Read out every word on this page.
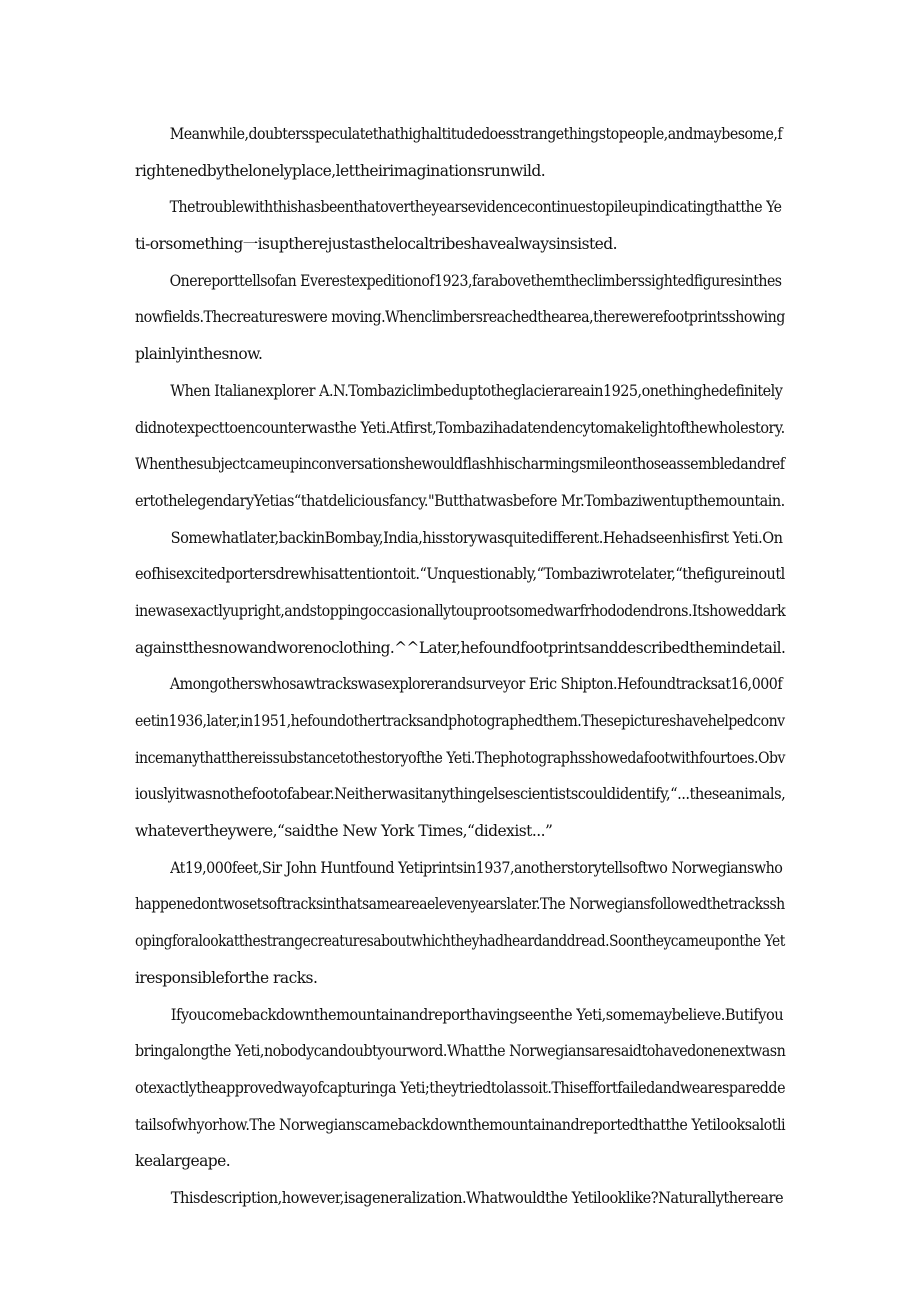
Meanwhile,doubtersspeculatethathighaltitudedoesstrangethingstopeople,andmaybesome,f
rightenedbythelonelyplace,lettheirimaginationsrunwild.
Thetroublewiththishasbeenthatovertheyearsevidencecontinuestopileupindicatingthatthe Ye
ti-orsomething一isuptherejustasthelocaltribeshavealwaysinsisted.
Onereporttellsofan Everestexpeditionof1923,farabovethemtheclimberssightedfiguresinthes
nowfields.Thecreatureswere moving.Whenclimbersreachedthearea,therewerefootprintsshowing
plainlyinthesnow.
When Italianexplorer A.N.Tombaziclimbeduptotheglacierareain1925,onethinghedefinitely
didnotexpecttoencounterwasthe Yeti.Atfirst,Tombazihadatendencytomakelightofthewholestory.
Whenthesubjectcameupinconversationshewouldflashhischarmingsmileonthoseassembledandref
ertothelegendaryYetias“thatdeliciousfancy."Butthatwasbefore Mr.Tombaziwentupthemountain.
Somewhatlater,backinBombay,India,hisstorywasquitedifferent.Hehadseenhisfirst Yeti.On
eofhisexcitedportersdrewhisattentiontoit.“Unquestionably,“Tombaziwrotelater,“thefigureinoutl
inewasexactlyupright,andstoppingoccasionallytouprootsomedwarfrhododendrons.Itshoweddark
againstthesnowandworenoclothing.^^Later,hefoundfootprintsanddescribedthemindetail.
Amongotherswhosawtrackswasexplorerandsurveyor Eric Shipton.Hefoundtracksat16,000f
eetin1936,later,in1951,hefoundothertracksandphotographedthem.Thesepictureshavehelpedconv
incemanythatthereissubstancetothestoryofthe Yeti.Thephotographsshowedafootwithfourtoes.Obv
iouslyitwasnothefootofabear.Neitherwasitanythingelsescientistscouldidentify,“...theseanimals,
whatevertheywere,“saidthe New York Times,“didexist...”
At19,000feet,Sir John Huntfound Yetiprintsin1937,anotherstorytellsoftwo Norwegianswho
happenedontwosetsoftracksinthatsameareaelevenyearslater.The Norwegiansfollowedthetrackssh
opingforalookatthestrangecreaturesaboutwhichtheyhadheardanddread.Soontheycameuponthe Yet
iresponsibleforthe racks.
Ifyoucomebackdownthemountainandreporthavingseenthe Yeti,somemaybelieve.Butifyou
bringalongthe Yeti,nobodycandoubtyourword.Whatthe Norwegiansaresaidtohavedonenextwasn
otexactlytheapprovedwayofcapturinga Yeti;theytriedtolassoit.Thiseffortfailedandwearesparedde
tailsofwhyorhow.The Norwegianscamebackdownthemountainandreportedthatthe Yetilooksalotli
kealargeape.
Thisdescription,however,isageneralization.Whatwouldthe Yetilooklike?Naturallythereare
